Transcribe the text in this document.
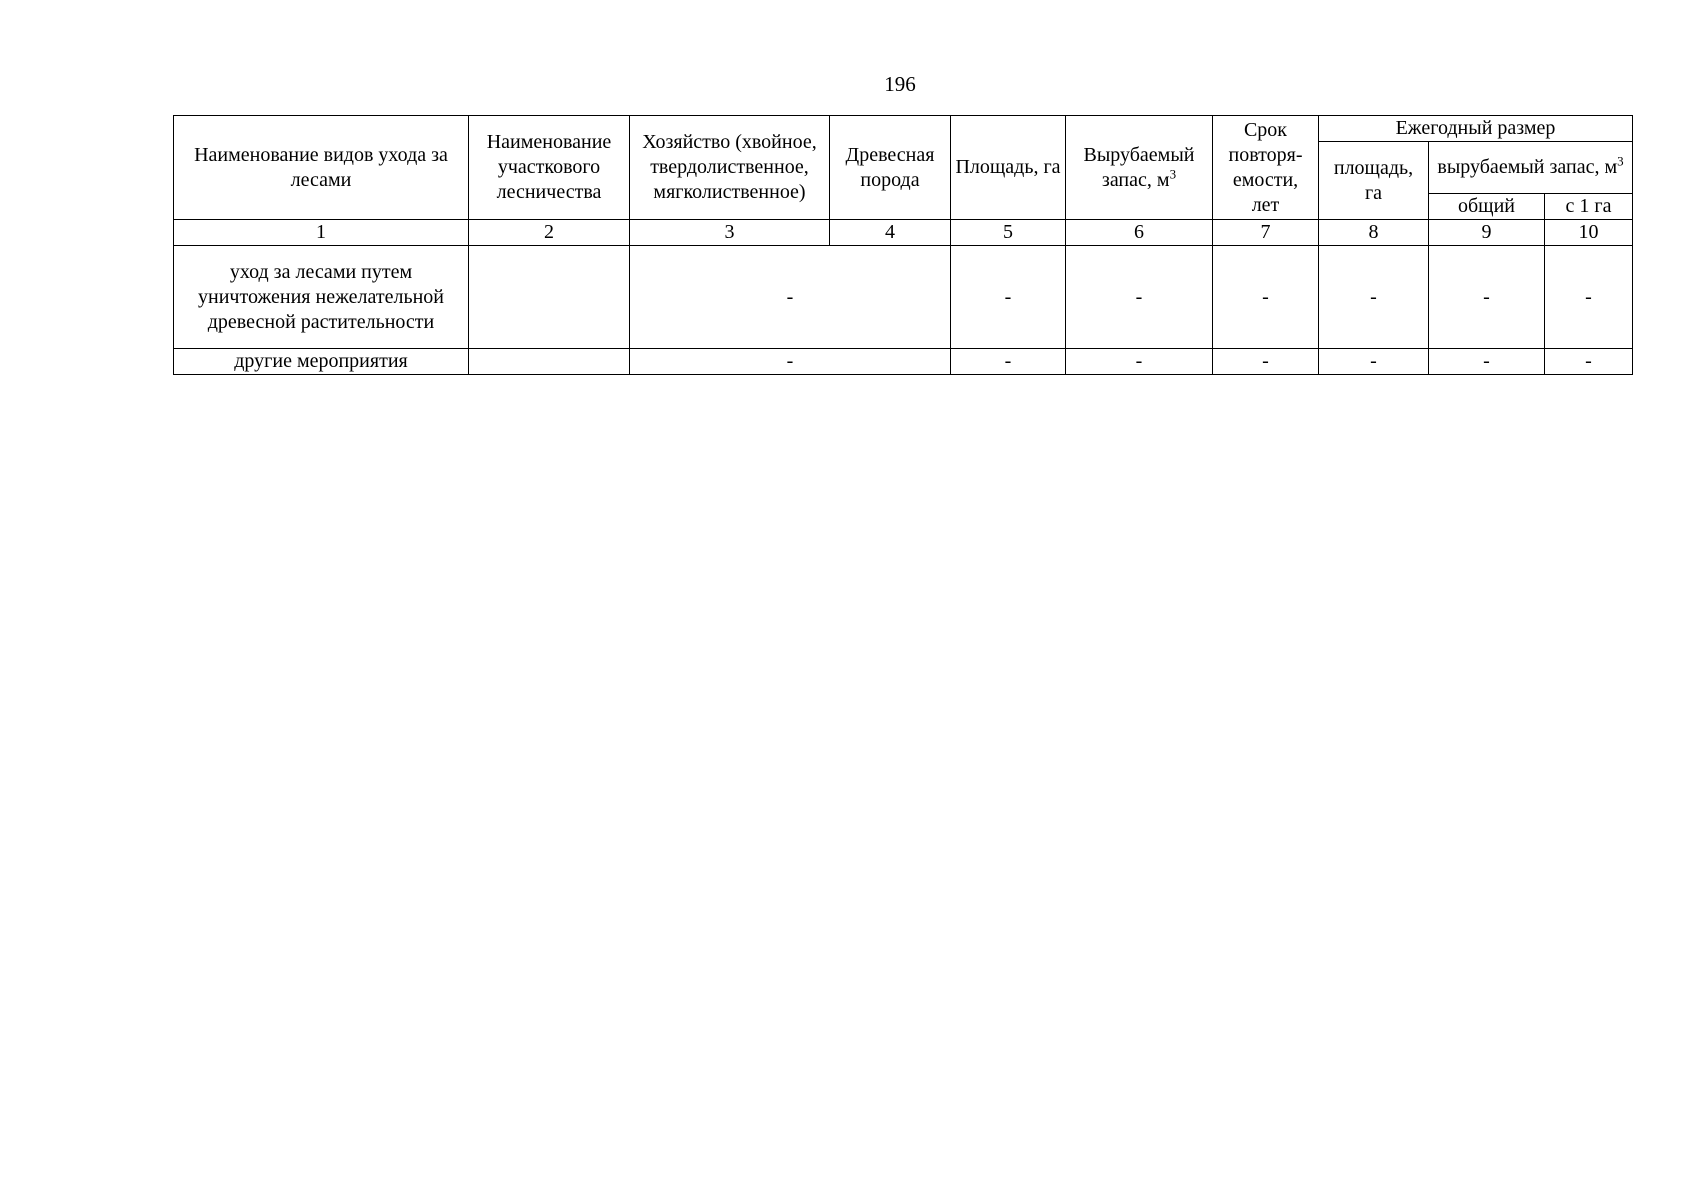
196
Наименование видов ухода за лесами	Наименование участкового лесничества	Хозяйство (хвойное, твердолиственное, мягколиственное)	Древесная порода	Площадь, га	Вырубаемый запас, $м^3$	Срок повторя-емости, лет	Ежегодный размер		
							площадь, га	вырубаемый запас, $м^3$

								общий	с 1 га
1	2	3	4	5	6	7	8	9	10
уход за лесами путем уничтожения нежелательной древесной растительности		-		-	-	-	-	-	-
другие мероприятия		-		-	-	-	-	-	-
